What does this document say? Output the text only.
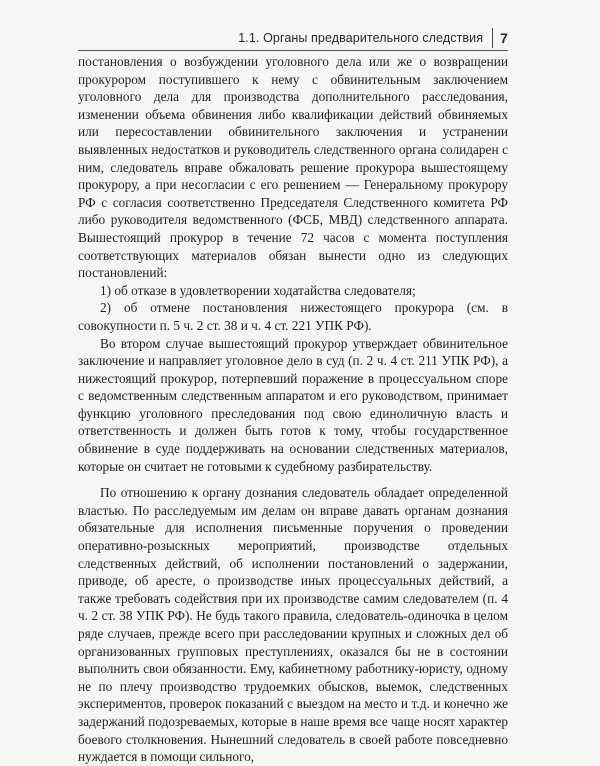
1.1. Органы предварительного следствия 7

постановления о возбуждении уголовного дела или же о возвращении прокурором поступившего к нему с обвинительным заключением уголовного дела для производства дополнительного расследования, изменении объема обвинения либо квалификации действий обвиняемых или пересоставлении обвинительного заключения и устранении выявленных недостатков и руководитель следственного органа солидарен с ним, следователь вправе обжаловать решение прокурора вышестоящему прокурору, а при несогласии с его решением — Генеральному прокурору РФ с согласия соответственно Председателя Следственного комитета РФ либо руководителя ведомственного (ФСБ, МВД) следственного аппарата. Вышестоящий прокурор в течение 72 часов с момента поступления соответствующих материалов обязан вынести одно из следующих постановлений:

1) об отказе в удовлетворении ходатайства следователя;

2) об отмене постановления нижестоящего прокурора (см. в совокупности п. 5 ч. 2 ст. 38 и ч. 4 ст. 221 УПК РФ).

Во втором случае вышестоящий прокурор утверждает обвинительное заключение и направляет уголовное дело в суд (п. 2 ч. 4 ст. 211 УПК РФ), а нижестоящий прокурор, потерпевший поражение в процессуальном споре с ведомственным следственным аппаратом и его руководством, принимает функцию уголовного преследования под свою единоличную власть и ответственность и должен быть готов к тому, чтобы государственное обвинение в суде поддерживать на основании следственных материалов, которые он считает не готовыми к судебному разбирательству.

По отношению к органу дознания следователь обладает определенной властью. По расследуемым им делам он вправе давать органам дознания обязательные для исполнения письменные поручения о проведении оперативно-розыскных мероприятий, производстве отдельных следственных действий, об исполнении постановлений о задержании, приводе, об аресте, о производстве иных процессуальных действий, а также требовать содействия при их производстве самим следователем (п. 4 ч. 2 ст. 38 УПК РФ). Не будь такого правила, следователь-одиночка в целом ряде случаев, прежде всего при расследовании крупных и сложных дел об организованных групповых преступлениях, оказался бы не в состоянии выполнить свои обязанности. Ему, кабинетному работнику-юристу, одному не по плечу производство трудоемких обысков, выемок, следственных экспериментов, проверок показаний с выездом на место и т.д. и конечно же задержаний подозреваемых, которые в наше время все чаще носят характер боевого столкновения. Нынешний следователь в своей работе повседневно нуждается в помощи сильного,
